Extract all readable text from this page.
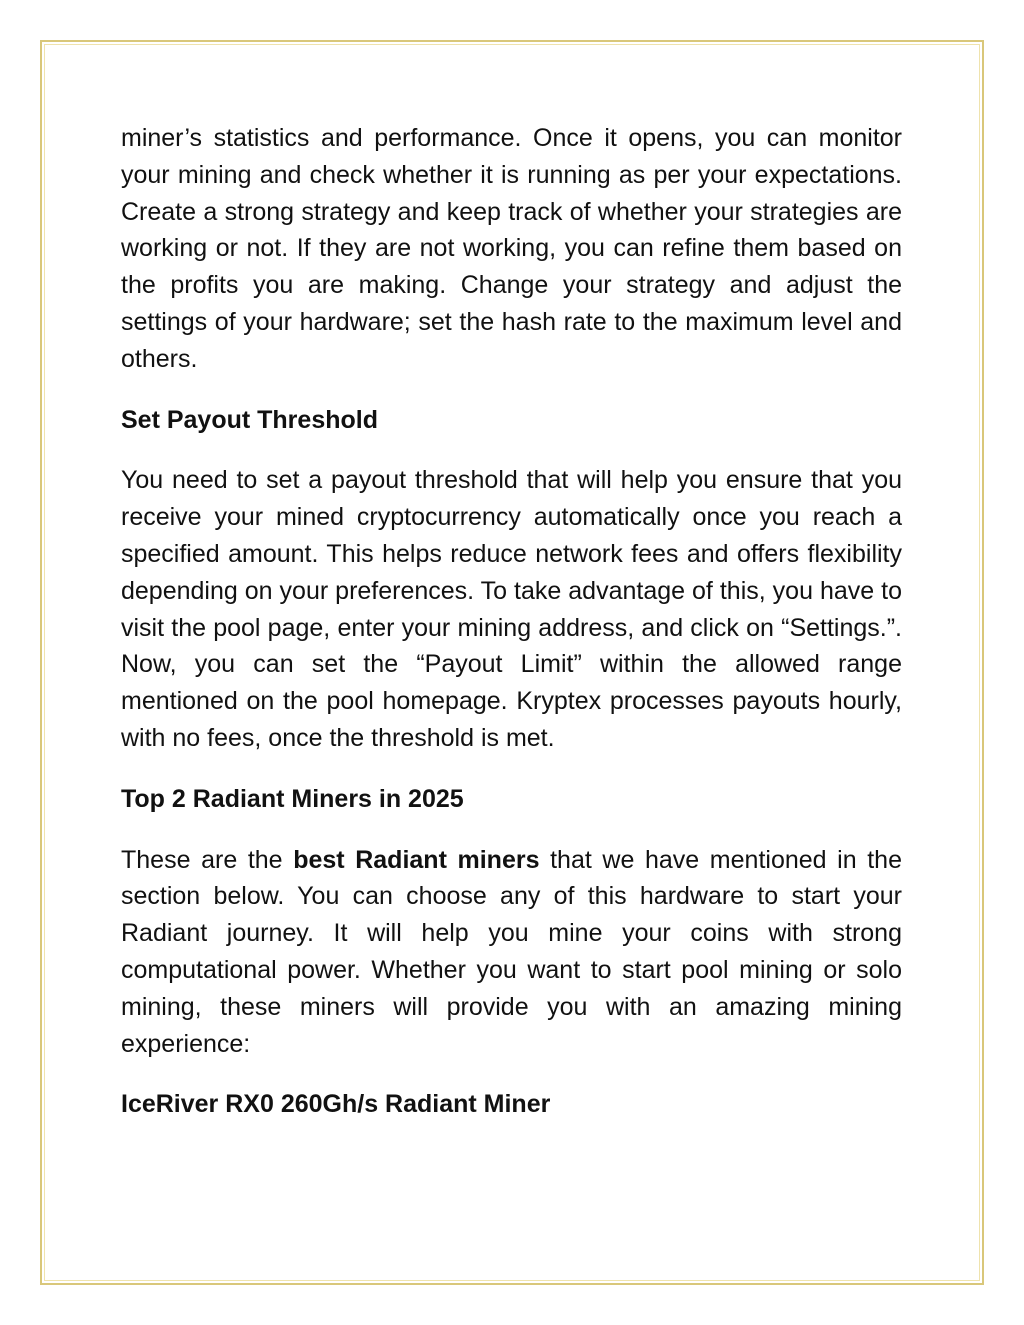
miner’s statistics and performance. Once it opens, you can monitor your mining and check whether it is running as per your expectations. Create a strong strategy and keep track of whether your strategies are working or not. If they are not working, you can refine them based on the profits you are making. Change your strategy and adjust the settings of your hardware; set the hash rate to the maximum level and others.

Set Payout Threshold

You need to set a payout threshold that will help you ensure that you receive your mined cryptocurrency automatically once you reach a specified amount. This helps reduce network fees and offers flexibility depending on your preferences. To take advantage of this, you have to visit the pool page, enter your mining address, and click on “Settings.”. Now, you can set the “Payout Limit” within the allowed range mentioned on the pool homepage. Kryptex processes payouts hourly, with no fees, once the threshold is met.

Top 2 Radiant Miners in 2025

These are the best Radiant miners that we have mentioned in the section below. You can choose any of this hardware to start your Radiant journey. It will help you mine your coins with strong computational power. Whether you want to start pool mining or solo mining, these miners will provide you with an amazing mining experience:

IceRiver RX0 260Gh/s Radiant Miner
